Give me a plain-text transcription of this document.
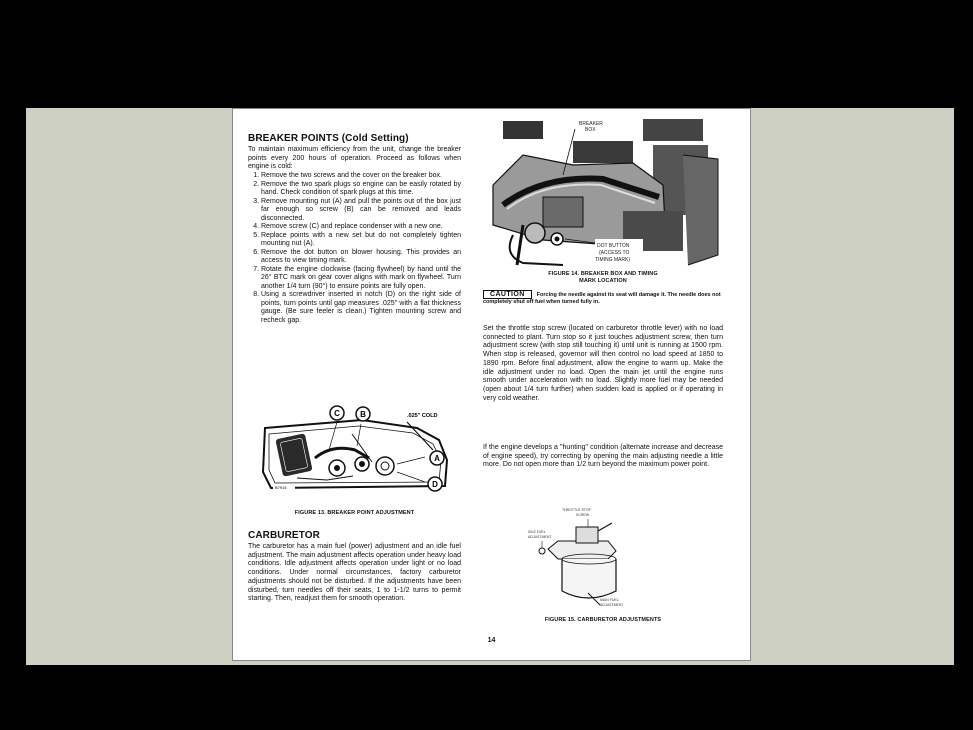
BREAKER POINTS (Cold Setting)

To maintain maximum efficiency from the unit, change the breaker points every 200 hours of operation. Proceed as follows when engine is cold:

1. Remove the two screws and the cover on the breaker box.
2. Remove the two spark plugs so engine can be easily rotated by hand. Check condition of spark plugs at this time.
3. Remove mounting nut (A) and pull the points out of the box just far enough so screw (B) can be removed and leads disconnected.
4. Remove screw (C) and replace condenser with a new one.
5. Replace points with a new set but do not completely tighten mounting nut (A).
6. Remove the dot button on blower housing. This provides an access to view timing mark.
7. Rotate the engine clockwise (facing flywheel) by hand until the 26° BTC mark on gear cover aligns with mark on flywheel. Turn another 1/4 turn (90°) to ensure points are fully open.
8. Using a screwdriver inserted in notch (D) on the right side of points, turn points until gap measures .025" with a flat thickness gauge. (Be sure feeler is clean.) Tighten mounting screw and recheck gap.
C	B
A
D
.025" COLD
B7915
FIGURE 13. BREAKER POINT ADJUSTMENT
CARBURETOR

The carburetor has a main fuel (power) adjustment and an idle fuel adjustment. The main adjustment affects operation under heavy load conditions. Idle adjustment affects operation under light or no load conditions. Under normal circumstances, factory carburetor adjustments should not be disturbed. If the adjustments have been disturbed, turn needles off their seats, 1 to 1-1/2 turns to permit starting. Then, readjust them for smooth operation.

BREAKER
BOX
DOT BUTTON
(ACCESS TO
TIMING MARK)
FIGURE 14. BREAKER BOX AND TIMING
MARK LOCATION
CAUTION Forcing the needle against its seat will damage it. The needle does not completely shut off fuel when turned fully in.

Set the throttle stop screw (located on carburetor throttle lever) with no load connected to plant. Turn stop so it just touches adjustment screw, then turn adjustment screw (with stop still touching it) until unit is running at 1500 rpm. When stop is released, governor will then control no load speed at 1850 to 1890 rpm. Before final adjustment, allow the engine to warm up. Make the idle adjustment under no load. Open the main jet until the engine runs smooth under acceleration with no load. Slightly more fuel may be needed (open about 1/4 turn further) when sudden load is applied or if operating in very cold weather.

If the engine develops a "hunting" condition (alternate increase and decrease of engine speed), try correcting by opening the main adjusting needle a little more. Do not open more than 1/2 turn beyond the maximum power point.

THROTTLE STOP
SCREW
IDLE FUEL
ADJUSTMENT
MAIN FUEL
ADJUSTMENT
FIGURE 15. CARBURETOR ADJUSTMENTS
14
